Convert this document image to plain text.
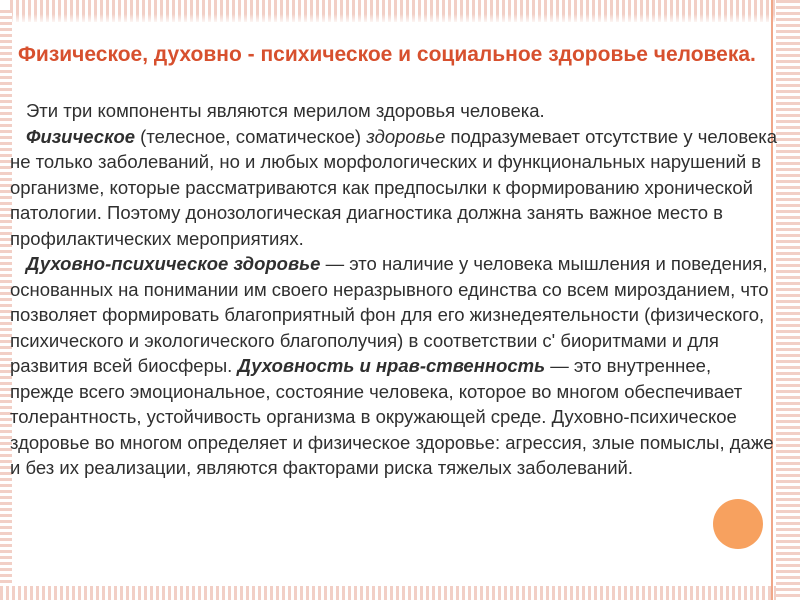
Физическое, духовно - психическое и социальное здоровье человека.

Эти три компоненты являются мерилом здоровья человека.

Физическое (телесное, соматическое) здоровье подразумевает отсутствие у человека не только заболеваний, но и любых морфологических и функциональных нарушений в организме, которые рассматриваются как предпосылки к формированию хронической патологии. Поэтому донозологическая диагностика должна занять важное место в профилактических мероприятиях.

Духовно-психическое здоровье — это наличие у человека мышления и поведения, основанных на понимании им своего неразрывного единства со всем мирозданием, что позволяет формировать благоприятный фон для его жизнедеятельности (физического, психического и экологического благополучия) в соответствии с' биоритмами и для развития всей биосферы. Духовность и нрав-ственность — это внутреннее, прежде всего эмоциональное, состояние человека, которое во многом обеспечивает толерантность, устойчивость организма в окружающей среде. Духовно-психическое здоровье во многом определяет и физическое здоровье: агрессия, злые помыслы, даже и без их реализации, являются факторами риска тяжелых заболеваний.
